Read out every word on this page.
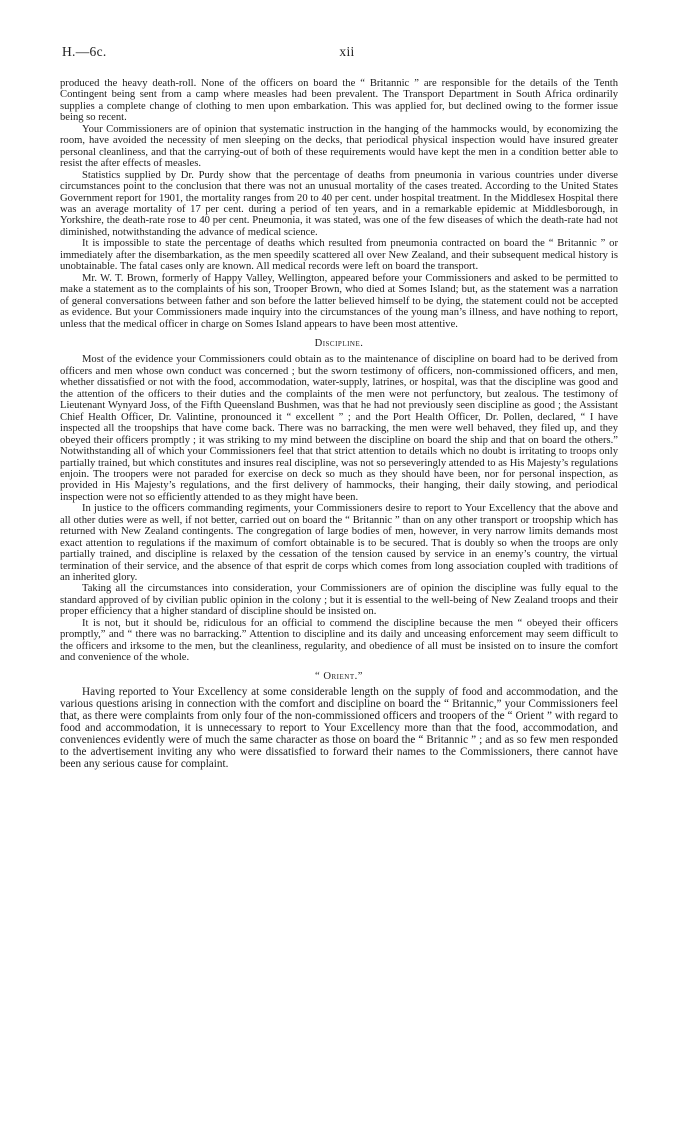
H.—6c.	xii

produced the heavy death-roll. None of the officers on board the “ Britannic ” are responsible for the details of the Tenth Contingent being sent from a camp where measles had been prevalent. The Transport Department in South Africa ordinarily supplies a complete change of clothing to men upon embarkation. This was applied for, but declined owing to the former issue being so recent.

Your Commissioners are of opinion that systematic instruction in the hanging of the hammocks would, by economizing the room, have avoided the necessity of men sleeping on the decks, that periodical physical inspection would have insured greater personal cleanliness, and that the carrying-out of both of these requirements would have kept the men in a condition better able to resist the after effects of measles.

Statistics supplied by Dr. Purdy show that the percentage of deaths from pneumonia in various countries under diverse circumstances point to the conclusion that there was not an unusual mortality of the cases treated. According to the United States Government report for 1901, the mortality ranges from 20 to 40 per cent. under hospital treatment. In the Middlesex Hospital there was an average mortality of 17 per cent. during a period of ten years, and in a remarkable epidemic at Middlesborough, in Yorkshire, the death-rate rose to 40 per cent. Pneumonia, it was stated, was one of the few diseases of which the death-rate had not diminished, notwithstanding the advance of medical science.

It is impossible to state the percentage of deaths which resulted from pneumonia contracted on board the “ Britannic ” or immediately after the disembarkation, as the men speedily scattered all over New Zealand, and their subsequent medical history is unobtainable. The fatal cases only are known. All medical records were left on board the transport.

Mr. W. T. Brown, formerly of Happy Valley, Wellington, appeared before your Commissioners and asked to be permitted to make a statement as to the complaints of his son, Trooper Brown, who died at Somes Island; but, as the statement was a narration of general conversations between father and son before the latter believed himself to be dying, the statement could not be accepted as evidence. But your Commissioners made inquiry into the circumstances of the young man’s illness, and have nothing to report, unless that the medical officer in charge on Somes Island appears to have been most attentive.

Discipline.

Most of the evidence your Commissioners could obtain as to the maintenance of discipline on board had to be derived from officers and men whose own conduct was concerned ; but the sworn testimony of officers, non-commissioned officers, and men, whether dissatisfied or not with the food, accommodation, water-supply, latrines, or hospital, was that the discipline was good and the attention of the officers to their duties and the complaints of the men were not perfunctory, but zealous. The testimony of Lieutenant Wynyard Joss, of the Fifth Queensland Bushmen, was that he had not previously seen discipline as good ; the Assistant Chief Health Officer, Dr. Valintine, pronounced it “ excellent ” ; and the Port Health Officer, Dr. Pollen, declared, “ I have inspected all the troopships that have come back. There was no barracking, the men were well behaved, they filed up, and they obeyed their officers promptly ; it was striking to my mind between the discipline on board the ship and that on board the others.” Notwithstanding all of which your Commissioners feel that that strict attention to details which no doubt is irritating to troops only partially trained, but which constitutes and insures real discipline, was not so perseveringly attended to as His Majesty’s regulations enjoin. The troopers were not paraded for exercise on deck so much as they should have been, nor for personal inspection, as provided in His Majesty’s regulations, and the first delivery of hammocks, their hanging, their daily stowing, and periodical inspection were not so efficiently attended to as they might have been.

In justice to the officers commanding regiments, your Commissioners desire to report to Your Excellency that the above and all other duties were as well, if not better, carried out on board the “ Britannic ” than on any other transport or troopship which has returned with New Zealand contingents. The congregation of large bodies of men, however, in very narrow limits demands most exact attention to regulations if the maximum of comfort obtainable is to be secured. That is doubly so when the troops are only partially trained, and discipline is relaxed by the cessation of the tension caused by service in an enemy’s country, the virtual termination of their service, and the absence of that esprit de corps which comes from long association coupled with traditions of an inherited glory.

Taking all the circumstances into consideration, your Commissioners are of opinion the discipline was fully equal to the standard approved of by civilian public opinion in the colony ; but it is essential to the well-being of New Zealand troops and their proper efficiency that a higher standard of discipline should be insisted on.

It is not, but it should be, ridiculous for an official to commend the discipline because the men “ obeyed their officers promptly,” and “ there was no barracking.” Attention to discipline and its daily and unceasing enforcement may seem difficult to the officers and irksome to the men, but the cleanliness, regularity, and obedience of all must be insisted on to insure the comfort and convenience of the whole.

“ Orient.”

Having reported to Your Excellency at some considerable length on the supply of food and accommodation, and the various questions arising in connection with the comfort and discipline on board the “ Britannic,” your Commissioners feel that, as there were complaints from only four of the non-commissioned officers and troopers of the “ Orient ” with regard to food and accommodation, it is unnecessary to report to Your Excellency more than that the food, accommodation, and conveniences evidently were of much the same character as those on board the “ Britannic ” ; and as so few men responded to the advertisement inviting any who were dissatisfied to forward their names to the Commissioners, there cannot have been any serious cause for complaint.
